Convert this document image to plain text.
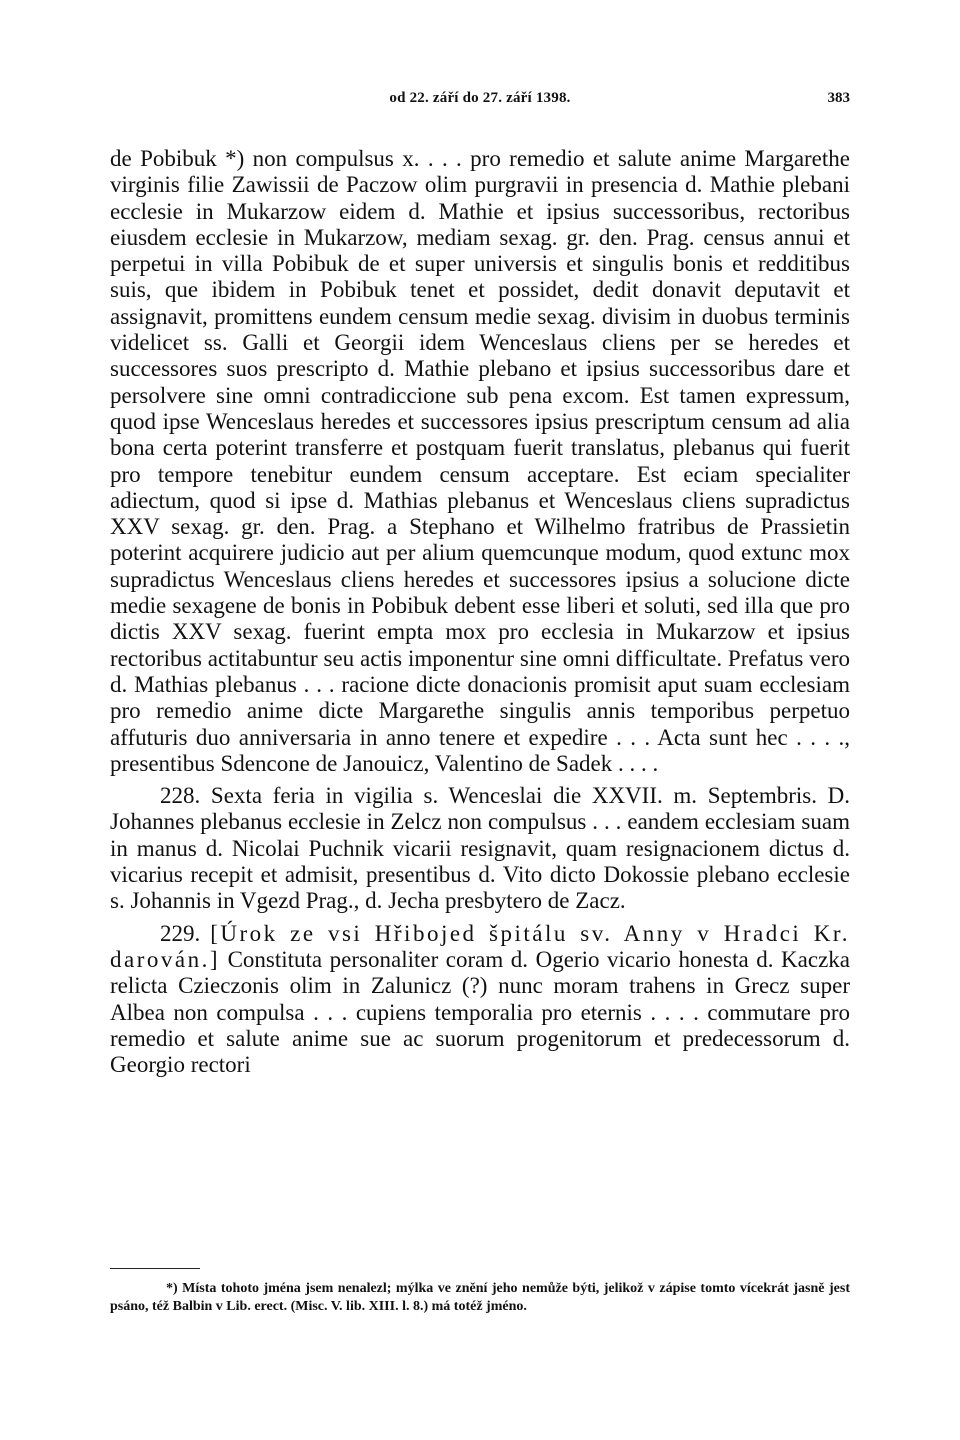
od 22. září do 27. září 1398.	383

de Pobibuk *) non compulsus x. . . . pro remedio et salute anime Margarethe virginis filie Zawissii de Paczow olim purgravii in presencia d. Mathie plebani ecclesie in Mukarzow eidem d. Mathie et ipsius successoribus, rectoribus eiusdem ecclesie in Mukarzow, mediam sexag. gr. den. Prag. census annui et perpetui in villa Pobibuk de et super universis et singulis bonis et redditibus suis, que ibidem in Pobibuk tenet et possidet, dedit donavit deputavit et assignavit, promittens eundem censum medie sexag. divisim in duobus terminis videlicet ss. Galli et Georgii idem Wenceslaus cliens per se heredes et successores suos prescripto d. Mathie plebano et ipsius successoribus dare et persolvere sine omni contradiccione sub pena excom. Est tamen expressum, quod ipse Wenceslaus heredes et successores ipsius prescriptum censum ad alia bona certa poterint transferre et postquam fuerit translatus, plebanus qui fuerit pro tempore tenebitur eundem censum acceptare. Est eciam specialiter adiectum, quod si ipse d. Mathias plebanus et Wenceslaus cliens supradictus XXV sexag. gr. den. Prag. a Stephano et Wilhelmo fratribus de Prassietin poterint acquirere judicio aut per alium quemcunque modum, quod extunc mox supradictus Wenceslaus cliens heredes et successores ipsius a solucione dicte medie sexagene de bonis in Pobibuk debent esse liberi et soluti, sed illa que pro dictis XXV sexag. fuerint empta mox pro ecclesia in Mukarzow et ipsius rectoribus actitabuntur seu actis imponentur sine omni difficultate. Prefatus vero d. Mathias plebanus . . . racione dicte donacionis promisit aput suam ecclesiam pro remedio anime dicte Margarethe singulis annis temporibus perpetuo affuturis duo anniversaria in anno tenere et expedire . . . Acta sunt hec . . . ., presentibus Sdencone de Janouicz, Valentino de Sadek . . . .

228. Sexta feria in vigilia s. Wenceslai die XXVII. m. Septembris. D. Johannes plebanus ecclesie in Zelcz non compulsus . . . eandem ecclesiam suam in manus d. Nicolai Puchnik vicarii resignavit, quam resignacionem dictus d. vicarius recepit et admisit, presentibus d. Vito dicto Dokossie plebano ecclesie s. Johannis in Vgezd Prag., d. Jecha presbytero de Zacz.

229. [Úrok ze vsi Hřibojed špitálu sv. Anny v Hradci Kr. darován.] Constituta personaliter coram d. Ogerio vicario honesta d. Kaczka relicta Czieczonis olim in Zalunicz (?) nunc moram trahens in Grecz super Albea non compulsa . . . cupiens temporalia pro eternis . . . . commutare pro remedio et salute anime sue ac suorum progenitorum et predecessorum d. Georgio rectori

*) Místa tohoto jména jsem nenalezl; mýlka ve znění jeho nemůže býti, jelikož v zápise tomto vícekrát jasně jest psáno, též Balbin v Lib. erect. (Misc. V. lib. XIII. l. 8.) má totéž jméno.
